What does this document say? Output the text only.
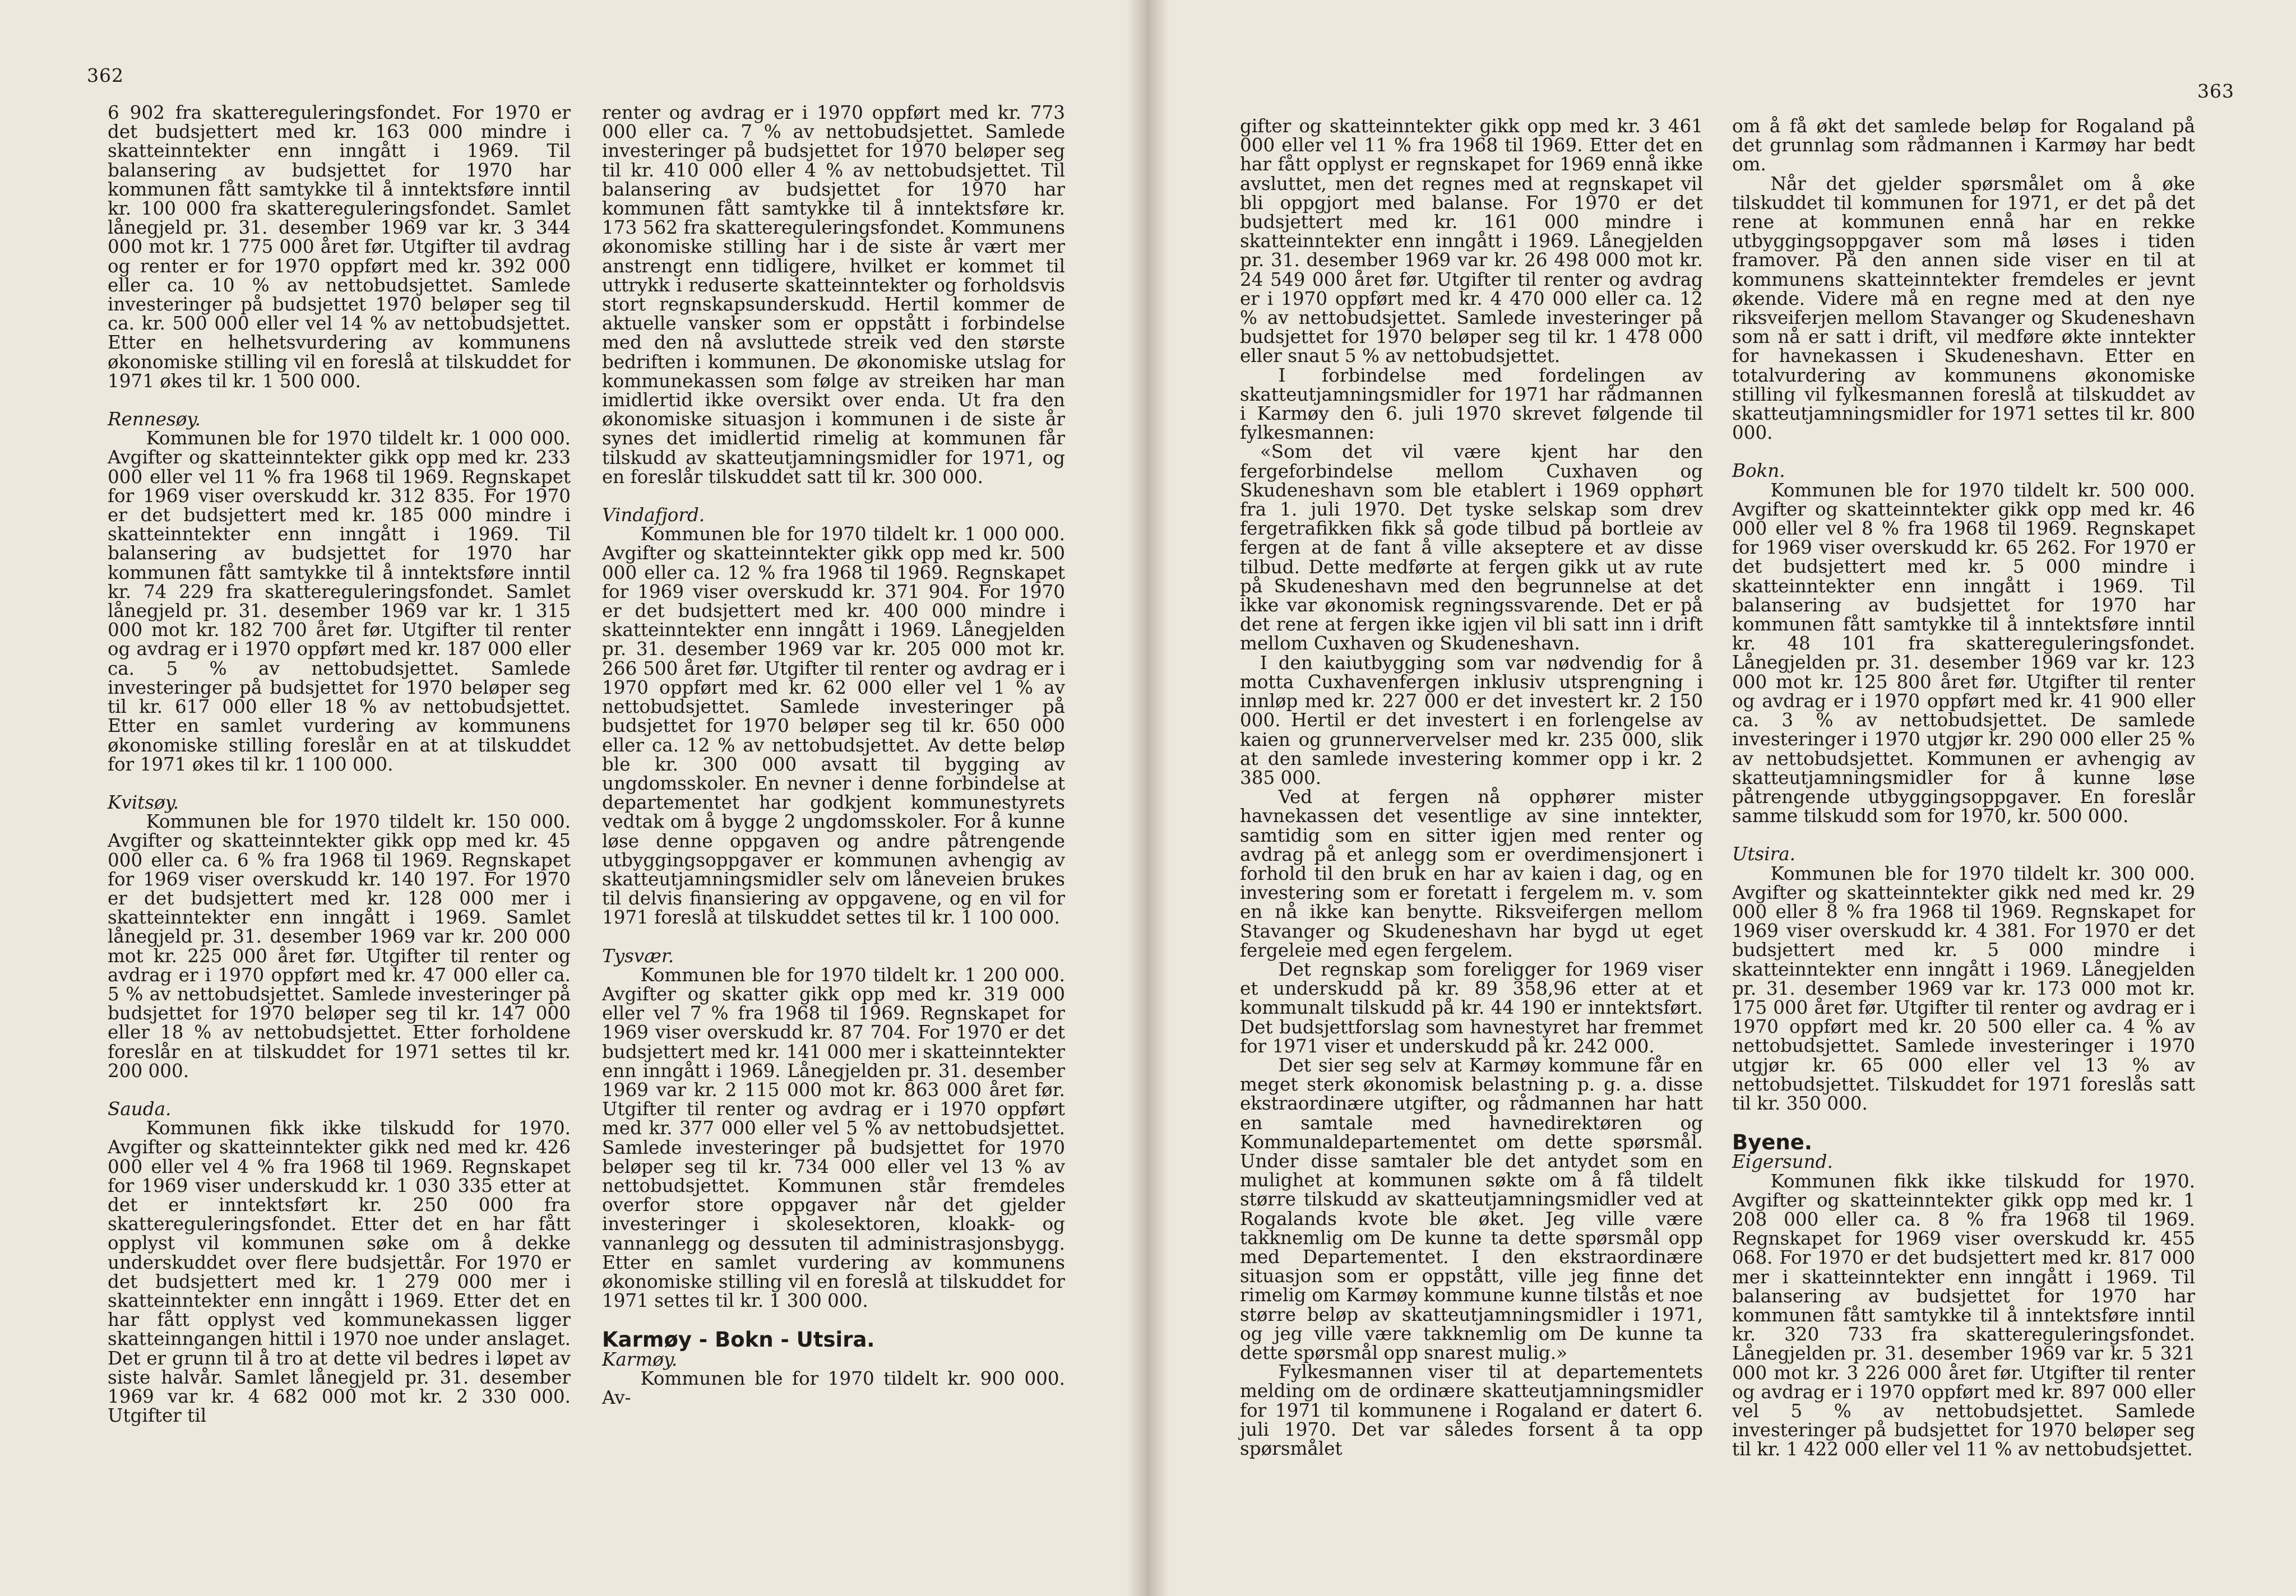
362

6 902 fra skattereguleringsfondet. For 1970 er det budsjettert med kr. 163 000 mindre i skatteinntekter enn inngått i 1969. Til balansering av budsjettet for 1970 har kommunen fått samtykke til å inntektsføre inntil kr. 100 000 fra skattereguleringsfondet. Samlet lånegjeld pr. 31. desember 1969 var kr. 3 344 000 mot kr. 1 775 000 året før. Utgifter til avdrag og renter er for 1970 oppført med kr. 392 000 eller ca. 10 % av nettobudsjettet. Samlede investeringer på budsjettet 1970 beløper seg til ca. kr. 500 000 eller vel 14 % av nettobudsjettet. Etter en helhetsvurdering av kommunens økonomiske stilling vil en foreslå at tilskuddet for 1971 økes til kr. 1 500 000.

Rennesøy.

Kommunen ble for 1970 tildelt kr. 1 000 000. Avgifter og skatteinntekter gikk opp med kr. 233 000 eller vel 11 % fra 1968 til 1969. Regnskapet for 1969 viser overskudd kr. 312 835. For 1970 er det budsjettert med kr. 185 000 mindre i skatteinntekter enn inngått i 1969. Til balansering av budsjettet for 1970 har kommunen fått samtykke til å inntektsføre inntil kr. 74 229 fra skattereguleringsfondet. Samlet lånegjeld pr. 31. desember 1969 var kr. 1 315 000 mot kr. 182 700 året før. Utgifter til renter og avdrag er i 1970 oppført med kr. 187 000 eller ca. 5 % av nettobudsjettet. Samlede investeringer på budsjettet for 1970 beløper seg til kr. 617 000 eller 18 % av nettobudsjettet. Etter en samlet vurdering av kommunens økonomiske stilling foreslår en at at tilskuddet for 1971 økes til kr. 1 100 000.

Kvitsøy.

Kommunen ble for 1970 tildelt kr. 150 000. Avgifter og skatteinntekter gikk opp med kr. 45 000 eller ca. 6 % fra 1968 til 1969. Regnskapet for 1969 viser overskudd kr. 140 197. For 1970 er det budsjettert med kr. 128 000 mer i skatteinntekter enn inngått i 1969. Samlet lånegjeld pr. 31. desember 1969 var kr. 200 000 mot kr. 225 000 året før. Utgifter til renter og avdrag er i 1970 oppført med kr. 47 000 eller ca. 5 % av nettobudsjettet. Samlede investeringer på budsjettet for 1970 beløper seg til kr. 147 000 eller 18 % av nettobudsjettet. Etter forholdene foreslår en at tilskuddet for 1971 settes til kr. 200 000.

Sauda.

Kommunen fikk ikke tilskudd for 1970. Avgifter og skatteinntekter gikk ned med kr. 426 000 eller vel 4 % fra 1968 til 1969. Regnskapet for 1969 viser underskudd kr. 1 030 335 etter at det er inntektsført kr. 250 000 fra skattereguleringsfondet. Etter det en har fått opplyst vil kommunen søke om å dekke underskuddet over flere budsjettår. For 1970 er det budsjettert med kr. 1 279 000 mer i skatteinntekter enn inngått i 1969. Etter det en har fått opplyst ved kommunekassen ligger skatteinngangen hittil i 1970 noe under anslaget. Det er grunn til å tro at dette vil bedres i løpet av siste halvår. Samlet lånegjeld pr. 31. desember 1969 var kr. 4 682 000 mot kr. 2 330 000. Utgifter til

renter og avdrag er i 1970 oppført med kr. 773 000 eller ca. 7 % av nettobudsjettet. Samlede investeringer på budsjettet for 1970 beløper seg til kr. 410 000 eller 4 % av nettobudsjettet. Til balansering av budsjettet for 1970 har kommunen fått samtykke til å inntektsføre kr. 173 562 fra skattereguleringsfondet. Kommunens økonomiske stilling har i de siste år vært mer anstrengt enn tidligere, hvilket er kommet til uttrykk i reduserte skatteinntekter og forholdsvis stort regnskapsunderskudd. Hertil kommer de aktuelle vansker som er oppstått i forbindelse med den nå avsluttede streik ved den største bedriften i kommunen. De økonomiske utslag for kommunekassen som følge av streiken har man imidlertid ikke oversikt over enda. Ut fra den økonomiske situasjon i kommunen i de siste år synes det imidlertid rimelig at kommunen får tilskudd av skatteutjamningsmidler for 1971, og en foreslår tilskuddet satt til kr. 300 000.

Vindafjord.

Kommunen ble for 1970 tildelt kr. 1 000 000. Avgifter og skatteinntekter gikk opp med kr. 500 000 eller ca. 12 % fra 1968 til 1969. Regnskapet for 1969 viser overskudd kr. 371 904. For 1970 er det budsjettert med kr. 400 000 mindre i skatteinntekter enn inngått i 1969. Lånegjelden pr. 31. desember 1969 var kr. 205 000 mot kr. 266 500 året før. Utgifter til renter og avdrag er i 1970 oppført med kr. 62 000 eller vel 1 % av nettobudsjettet. Samlede investeringer på budsjettet for 1970 beløper seg til kr. 650 000 eller ca. 12 % av nettobudsjettet. Av dette beløp ble kr. 300 000 avsatt til bygging av ungdomsskoler. En nevner i denne forbindelse at departementet har godkjent kommunestyrets vedtak om å bygge 2 ungdomsskoler. For å kunne løse denne oppgaven og andre påtrengende utbyggingsoppgaver er kommunen avhengig av skatteutjamningsmidler selv om låneveien brukes til delvis finansiering av oppgavene, og en vil for 1971 foreslå at tilskuddet settes til kr. 1 100 000.

Tysvær.

Kommunen ble for 1970 tildelt kr. 1 200 000. Avgifter og skatter gikk opp med kr. 319 000 eller vel 7 % fra 1968 til 1969. Regnskapet for 1969 viser overskudd kr. 87 704. For 1970 er det budsjettert med kr. 141 000 mer i skatteinntekter enn inngått i 1969. Lånegjelden pr. 31. desember 1969 var kr. 2 115 000 mot kr. 863 000 året før. Utgifter til renter og avdrag er i 1970 oppført med kr. 377 000 eller vel 5 % av nettobudsjettet. Samlede investeringer på budsjettet for 1970 beløper seg til kr. 734 000 eller vel 13 % av nettobudsjettet. Kommunen står fremdeles overfor store oppgaver når det gjelder investeringer i skolesektoren, kloakk- og vannanlegg og dessuten til administrasjonsbygg. Etter en samlet vurdering av kommunens økonomiske stilling vil en foreslå at tilskuddet for 1971 settes til kr. 1 300 000.

Karmøy - Bokn - Utsira.
Karmøy.

Kommunen ble for 1970 tildelt kr. 900 000. Av-

363

gifter og skatteinntekter gikk opp med kr. 3 461 000 eller vel 11 % fra 1968 til 1969. Etter det en har fått opplyst er regnskapet for 1969 ennå ikke avsluttet, men det regnes med at regnskapet vil bli oppgjort med balanse. For 1970 er det budsjettert med kr. 161 000 mindre i skatteinntekter enn inngått i 1969. Lånegjelden pr. 31. desember 1969 var kr. 26 498 000 mot kr. 24 549 000 året før. Utgifter til renter og avdrag er i 1970 oppført med kr. 4 470 000 eller ca. 12 % av nettobudsjettet. Samlede investeringer på budsjettet for 1970 beløper seg til kr. 1 478 000 eller snaut 5 % av nettobudsjettet.

I forbindelse med fordelingen av skatteutjamningsmidler for 1971 har rådmannen i Karmøy den 6. juli 1970 skrevet følgende til fylkesmannen:

«Som det vil være kjent har den fergeforbindelse mellom Cuxhaven og Skudeneshavn som ble etablert i 1969 opphørt fra 1. juli 1970. Det tyske selskap som drev fergetrafikken fikk så gode tilbud på bortleie av fergen at de fant å ville akseptere et av disse tilbud. Dette medførte at fergen gikk ut av rute på Skudeneshavn med den begrunnelse at det ikke var økonomisk regningssvarende. Det er på det rene at fergen ikke igjen vil bli satt inn i drift mellom Cuxhaven og Skudeneshavn.

I den kaiutbygging som var nødvendig for å motta Cuxhavenfergen inklusiv utsprengning i innløp med kr. 227 000 er det investert kr. 2 150 000. Hertil er det investert i en forlengelse av kaien og grunnervervelser med kr. 235 000, slik at den samlede investering kommer opp i kr. 2 385 000.

Ved at fergen nå opphører mister havnekassen det vesentlige av sine inntekter, samtidig som en sitter igjen med renter og avdrag på et anlegg som er overdimensjonert i forhold til den bruk en har av kaien i dag, og en investering som er foretatt i fergelem m. v. som en nå ikke kan benytte. Riksveifergen mellom Stavanger og Skudeneshavn har bygd ut eget fergeleie med egen fergelem.

Det regnskap som foreligger for 1969 viser et underskudd på kr. 89 358,96 etter at et kommunalt tilskudd på kr. 44 190 er inntektsført. Det budsjettforslag som havnestyret har fremmet for 1971 viser et underskudd på kr. 242 000.

Det sier seg selv at Karmøy kommune får en meget sterk økonomisk belastning p. g. a. disse ekstraordinære utgifter, og rådmannen har hatt en samtale med havnedirektøren og Kommunaldepartementet om dette spørsmål. Under disse samtaler ble det antydet som en mulighet at kommunen søkte om å få tildelt større tilskudd av skatteutjamningsmidler ved at Rogalands kvote ble øket. Jeg ville være takknemlig om De kunne ta dette spørsmål opp med Departementet. I den ekstraordinære situasjon som er oppstått, ville jeg finne det rimelig om Karmøy kommune kunne tilstås et noe større beløp av skatteutjamningsmidler i 1971, og jeg ville være takknemlig om De kunne ta dette spørsmål opp snarest mulig.»

Fylkesmannen viser til at departementets melding om de ordinære skatteutjamningsmidler for 1971 til kommunene i Rogaland er datert 6. juli 1970. Det var således forsent å ta opp spørsmålet

om å få økt det samlede beløp for Rogaland på det grunnlag som rådmannen i Karmøy har bedt om.

Når det gjelder spørsmålet om å øke tilskuddet til kommunen for 1971, er det på det rene at kommunen ennå har en rekke utbyggingsoppgaver som må løses i tiden framover. På den annen side viser en til at kommunens skatteinntekter fremdeles er jevnt økende. Videre må en regne med at den nye riksveiferjen mellom Stavanger og Skudeneshavn som nå er satt i drift, vil medføre økte inntekter for havnekassen i Skudeneshavn. Etter en totalvurdering av kommunens økonomiske stilling vil fylkesmannen foreslå at tilskuddet av skatteutjamningsmidler for 1971 settes til kr. 800 000.

Bokn.

Kommunen ble for 1970 tildelt kr. 500 000. Avgifter og skatteinntekter gikk opp med kr. 46 000 eller vel 8 % fra 1968 til 1969. Regnskapet for 1969 viser overskudd kr. 65 262. For 1970 er det budsjettert med kr. 5 000 mindre i skatteinntekter enn inngått i 1969. Til balansering av budsjettet for 1970 har kommunen fått samtykke til å inntektsføre inntil kr. 48 101 fra skattereguleringsfondet. Lånegjelden pr. 31. desember 1969 var kr. 123 000 mot kr. 125 800 året før. Utgifter til renter og avdrag er i 1970 oppført med kr. 41 900 eller ca. 3 % av nettobudsjettet. De samlede investeringer i 1970 utgjør kr. 290 000 eller 25 % av nettobudsjettet. Kommunen er avhengig av skatteutjamningsmidler for å kunne løse påtrengende utbyggingsoppgaver. En foreslår samme tilskudd som for 1970, kr. 500 000.

Utsira.

Kommunen ble for 1970 tildelt kr. 300 000. Avgifter og skatteinntekter gikk ned med kr. 29 000 eller 8 % fra 1968 til 1969. Regnskapet for 1969 viser overskudd kr. 4 381. For 1970 er det budsjettert med kr. 5 000 mindre i skatteinntekter enn inngått i 1969. Lånegjelden pr. 31. desember 1969 var kr. 173 000 mot kr. 175 000 året før. Utgifter til renter og avdrag er i 1970 oppført med kr. 20 500 eller ca. 4 % av nettobudsjettet. Samlede investeringer i 1970 utgjør kr. 65 000 eller vel 13 % av nettobudsjettet. Tilskuddet for 1971 foreslås satt til kr. 350 000.

Byene.
Eigersund.

Kommunen fikk ikke tilskudd for 1970. Avgifter og skatteinntekter gikk opp med kr. 1 208 000 eller ca. 8 % fra 1968 til 1969. Regnskapet for 1969 viser overskudd kr. 455 068. For 1970 er det budsjettert med kr. 817 000 mer i skatteinntekter enn inngått i 1969. Til balansering av budsjettet for 1970 har kommunen fått samtykke til å inntektsføre inntil kr. 320 733 fra skattereguleringsfondet. Lånegjelden pr. 31. desember 1969 var kr. 5 321 000 mot kr. 3 226 000 året før. Utgifter til renter og avdrag er i 1970 oppført med kr. 897 000 eller vel 5 % av nettobudsjettet. Samlede investeringer på budsjettet for 1970 beløper seg til kr. 1 422 000 eller vel 11 % av nettobudsjettet.
